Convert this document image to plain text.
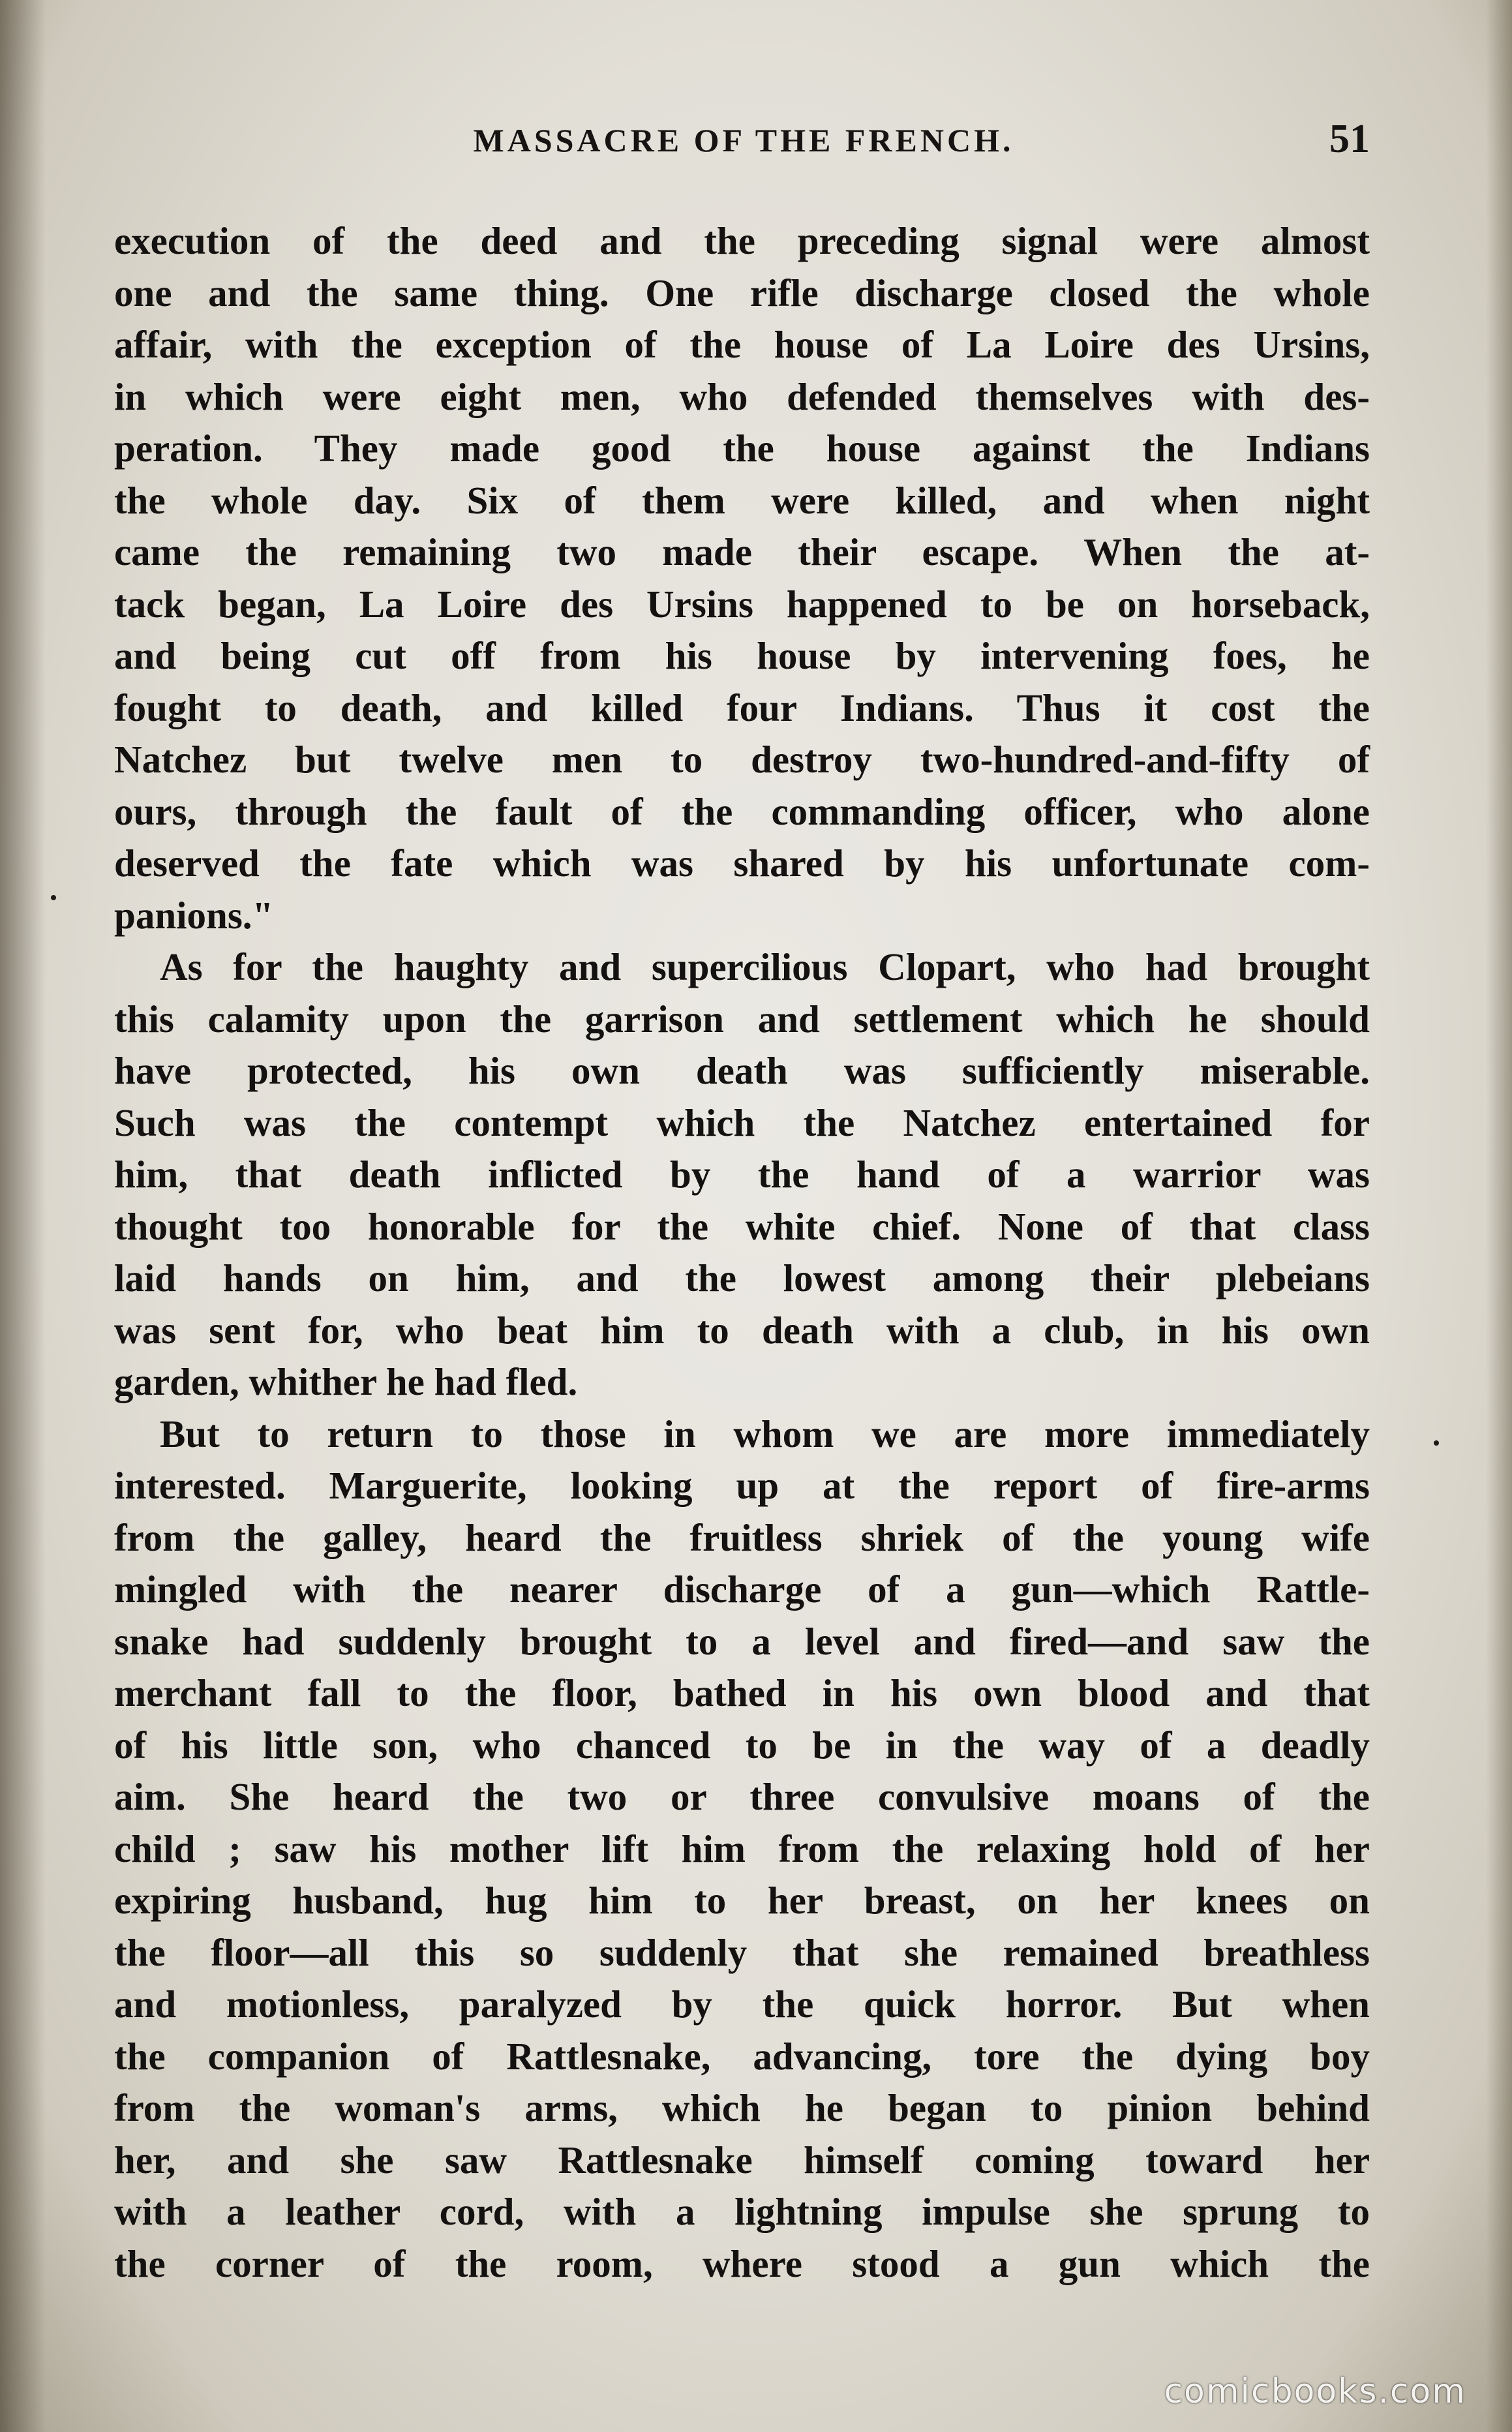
MASSACRE OF THE FRENCH.	51
execution of the deed and the preceding signal were almost
one and the same thing. One rifle discharge closed the whole
affair, with the exception of the house of La Loire des Ursins,
in which were eight men, who defended themselves with des-
peration. They made good the house against the Indians
the whole day. Six of them were killed, and when night
came the remaining two made their escape. When the at-
tack began, La Loire des Ursins happened to be on horseback,
and being cut off from his house by intervening foes, he
fought to death, and killed four Indians. Thus it cost the
Natchez but twelve men to destroy two-hundred-and-fifty of
ours, through the fault of the commanding officer, who alone
deserved the fate which was shared by his unfortunate com-
panions."
As for the haughty and supercilious Clopart, who had brought
this calamity upon the garrison and settlement which he should
have protected, his own death was sufficiently miserable.
Such was the contempt which the Natchez entertained for
him, that death inflicted by the hand of a warrior was
thought too honorable for the white chief. None of that class
laid hands on him, and the lowest among their plebeians
was sent for, who beat him to death with a club, in his own
garden, whither he had fled.
But to return to those in whom we are more immediately
interested. Marguerite, looking up at the report of fire-arms
from the galley, heard the fruitless shriek of the young wife
mingled with the nearer discharge of a gun—which Rattle-
snake had suddenly brought to a level and fired—and saw the
merchant fall to the floor, bathed in his own blood and that
of his little son, who chanced to be in the way of a deadly
aim. She heard the two or three convulsive moans of the
child ; saw his mother lift him from the relaxing hold of her
expiring husband, hug him to her breast, on her knees on
the floor—all this so suddenly that she remained breathless
and motionless, paralyzed by the quick horror. But when
the companion of Rattlesnake, advancing, tore the dying boy
from the woman's arms, which he began to pinion behind
her, and she saw Rattlesnake himself coming toward her
with a leather cord, with a lightning impulse she sprung to
the corner of the room, where stood a gun which the
comicbooks.com
